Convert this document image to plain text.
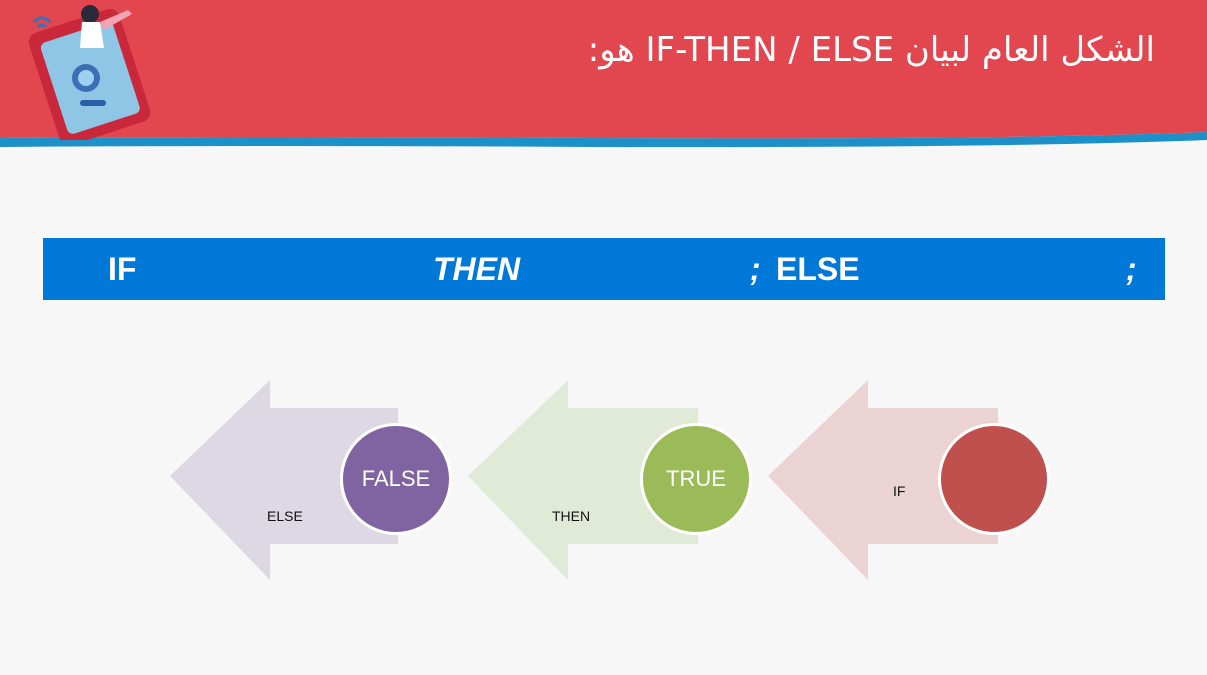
الشكل العام لبيان IF-THEN / ELSE هو:
IF	THEN	; ELSE	;
FALSE	TRUE
ELSE	THEN
IF
